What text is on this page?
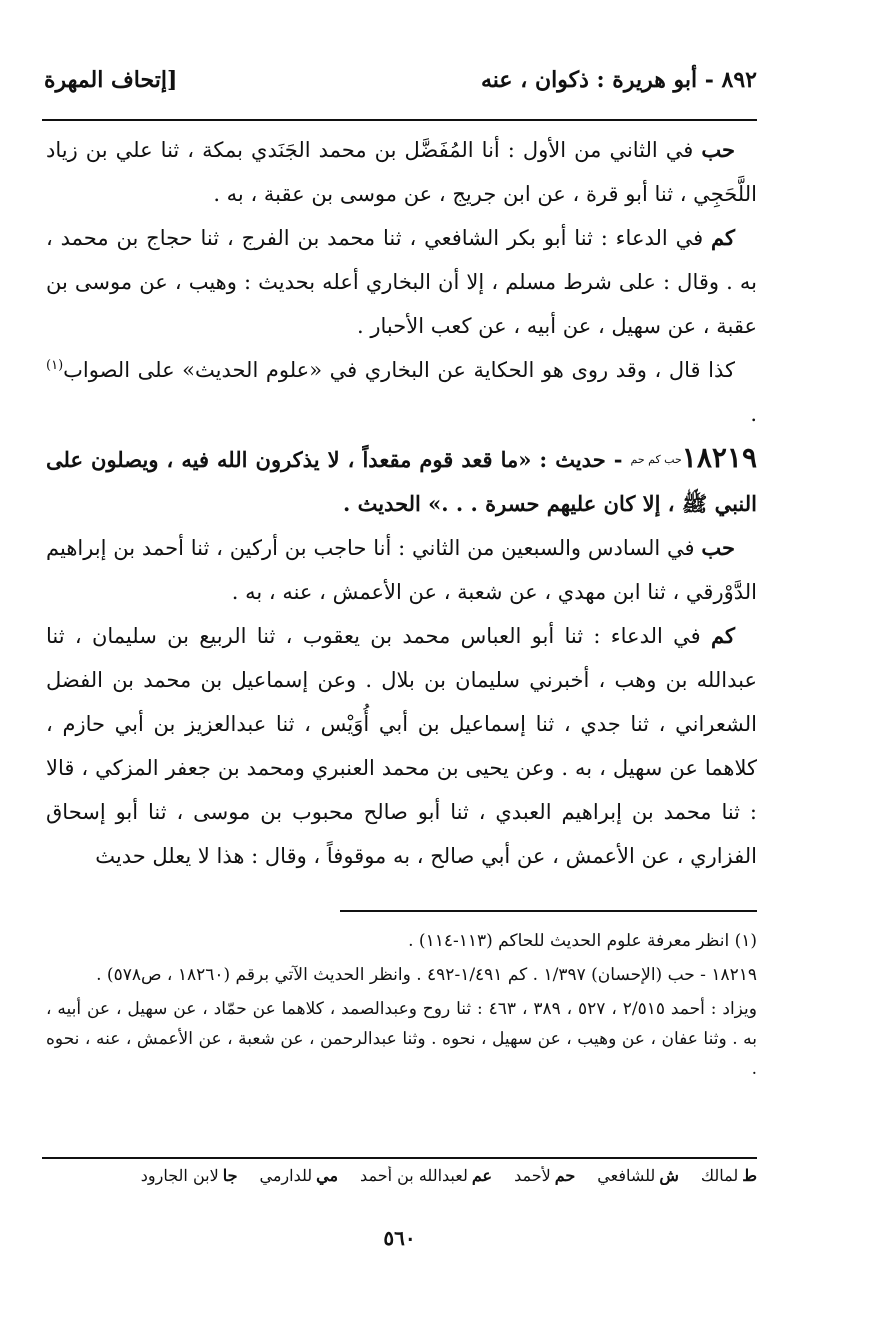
٨٩٢ - أبو هريرة : ذكوان ، عنه
[إتحاف المهرة

حب في الثاني من الأول : أنا المُفَضَّل بن محمد الجَنَدي بمكة ، ثنا علي بن زياد اللَّحَجِي ، ثنا أبو قرة ، عن ابن جريج ، عن موسى بن عقبة ، به .

كم في الدعاء : ثنا أبو بكر الشافعي ، ثنا محمد بن الفرج ، ثنا حجاج بن محمد ، به . وقال : على شرط مسلم ، إلا أن البخاري أعله بحديث : وهيب ، عن موسى بن عقبة ، عن سهيل ، عن أبيه ، عن كعب الأحبار .

كذا قال ، وقد روى هو الحكاية عن البخاري في «علوم الحديث» على الصواب$^{(١)}$ .

١٨٢١٩حب كم حم - حديث : «ما قعد قوم مقعداً ، لا يذكرون الله فيه ، ويصلون على النبي ﷺ ، إلا كان عليهم حسرة . . .» الحديث .

حب في السادس والسبعين من الثاني : أنا حاجب بن أركين ، ثنا أحمد بن إبراهيم الدَّوْرقي ، ثنا ابن مهدي ، عن شعبة ، عن الأعمش ، عنه ، به .

كم في الدعاء : ثنا أبو العباس محمد بن يعقوب ، ثنا الربيع بن سليمان ، ثنا عبدالله بن وهب ، أخبرني سليمان بن بلال . وعن إسماعيل بن محمد بن الفضل الشعراني ، ثنا جدي ، ثنا إسماعيل بن أبي أُوَيْس ، ثنا عبدالعزيز بن أبي حازم ، كلاهما عن سهيل ، به . وعن يحيى بن محمد العنبري ومحمد بن جعفر المزكي ، قالا : ثنا محمد بن إبراهيم العبدي ، ثنا أبو صالح محبوب بن موسى ، ثنا أبو إسحاق الفزاري ، عن الأعمش ، عن أبي صالح ، به موقوفاً ، وقال : هذا لا يعلل حديث

(١) انظر معرفة علوم الحديث للحاكم (١١٣-١١٤) .

١٨٢١٩ - حب (الإحسان) ١/٣٩٧ . كم ١/٤٩١-٤٩٢ . وانظر الحديث الآتي برقم (١٨٢٦٠ ، ص٥٧٨) .

ويزاد : أحمد ٢/٥١٥ ، ٥٢٧ ، ٣٨٩ ، ٤٦٣ : ثنا روح وعبدالصمد ، كلاهما عن حمّاد ، عن سهيل ، عن أبيه ، به . وثنا عفان ، عن وهيب ، عن سهيل ، نحوه . وثنا عبدالرحمن ، عن شعبة ، عن الأعمش ، عنه ، نحوه .

ط
لمالك
ش
للشافعي
حم
لأحمد
عم
لعبدالله بن أحمد
مي
للدارمي
جا
لابن الجارود
٥٦٠
